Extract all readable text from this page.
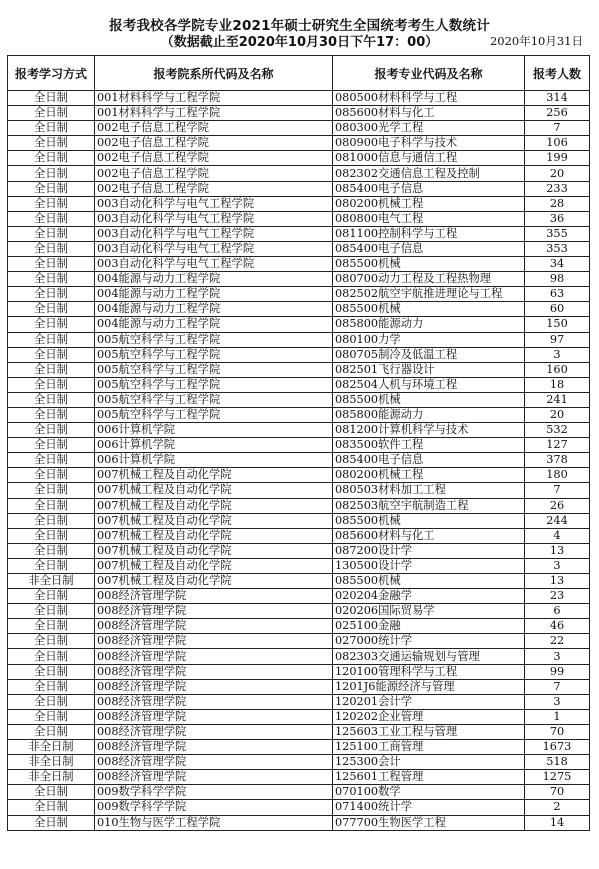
报考我校各学院专业2021年硕士研究生全国统考考生人数统计
（数据截止至2020年10月30日下午17：00）	2020年10月31日
报考学习方式	报考院系所代码及名称	报考专业代码及名称	报考人数
全日制	001材料科学与工程学院	080500材料科学与工程	314
全日制	001材料科学与工程学院	085600材料与化工	256
全日制	002电子信息工程学院	080300光学工程	7
全日制	002电子信息工程学院	080900电子科学与技术	106
全日制	002电子信息工程学院	081000信息与通信工程	199
全日制	002电子信息工程学院	082302交通信息工程及控制	20
全日制	002电子信息工程学院	085400电子信息	233
全日制	003自动化科学与电气工程学院	080200机械工程	28
全日制	003自动化科学与电气工程学院	080800电气工程	36
全日制	003自动化科学与电气工程学院	081100控制科学与工程	355
全日制	003自动化科学与电气工程学院	085400电子信息	353
全日制	003自动化科学与电气工程学院	085500机械	34
全日制	004能源与动力工程学院	080700动力工程及工程热物理	98
全日制	004能源与动力工程学院	082502航空宇航推进理论与工程	63
全日制	004能源与动力工程学院	085500机械	60
全日制	004能源与动力工程学院	085800能源动力	150
全日制	005航空科学与工程学院	080100力学	97
全日制	005航空科学与工程学院	080705制冷及低温工程	3
全日制	005航空科学与工程学院	082501飞行器设计	160
全日制	005航空科学与工程学院	082504人机与环境工程	18
全日制	005航空科学与工程学院	085500机械	241
全日制	005航空科学与工程学院	085800能源动力	20
全日制	006计算机学院	081200计算机科学与技术	532
全日制	006计算机学院	083500软件工程	127
全日制	006计算机学院	085400电子信息	378
全日制	007机械工程及自动化学院	080200机械工程	180
全日制	007机械工程及自动化学院	080503材料加工工程	7
全日制	007机械工程及自动化学院	082503航空宇航制造工程	26
全日制	007机械工程及自动化学院	085500机械	244
全日制	007机械工程及自动化学院	085600材料与化工	4
全日制	007机械工程及自动化学院	087200设计学	13
全日制	007机械工程及自动化学院	130500设计学	3
非全日制	007机械工程及自动化学院	085500机械	13
全日制	008经济管理学院	020204金融学	23
全日制	008经济管理学院	020206国际贸易学	6
全日制	008经济管理学院	025100金融	46
全日制	008经济管理学院	027000统计学	22
全日制	008经济管理学院	082303交通运输规划与管理	3
全日制	008经济管理学院	120100管理科学与工程	99
全日制	008经济管理学院	1201J6能源经济与管理	7
全日制	008经济管理学院	120201会计学	3
全日制	008经济管理学院	120202企业管理	1
全日制	008经济管理学院	125603工业工程与管理	70
非全日制	008经济管理学院	125100工商管理	1673
非全日制	008经济管理学院	125300会计	518
非全日制	008经济管理学院	125601工程管理	1275
全日制	009数学科学学院	070100数学	70
全日制	009数学科学学院	071400统计学	2
全日制	010生物与医学工程学院	077700生物医学工程	14
